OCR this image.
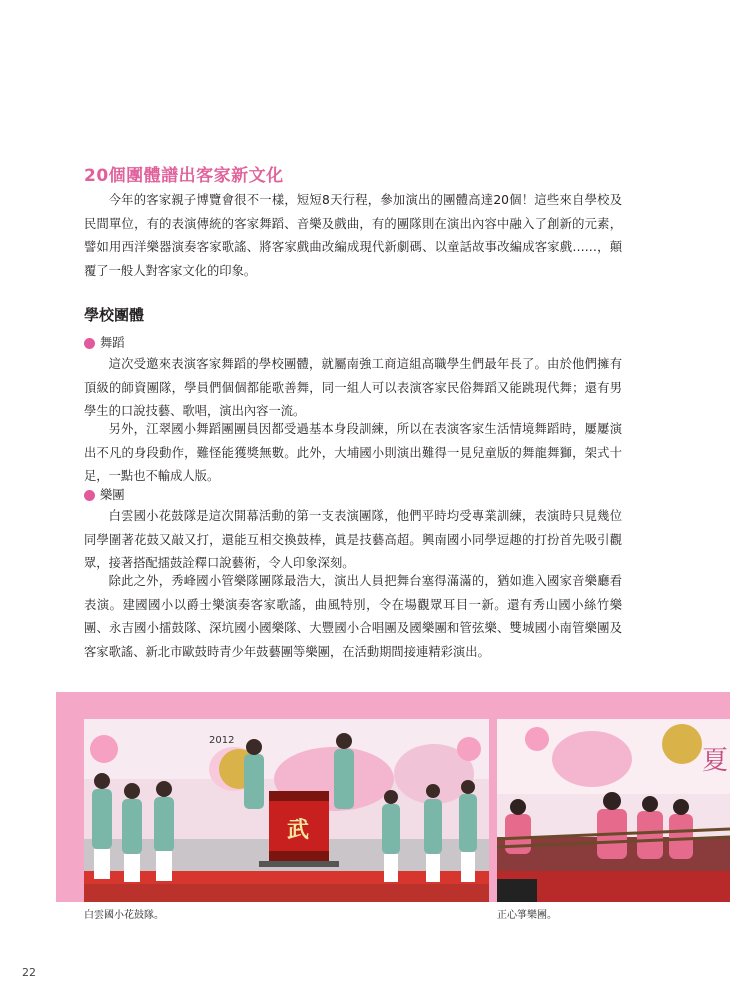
20個團體譜出客家新文化

今年的客家親子博覽會很不一樣，短短8天行程，參加演出的團體高達20個！這些來自學校及民間單位，有的表演傳統的客家舞蹈、音樂及戲曲，有的團隊則在演出內容中融入了創新的元素，譬如用西洋樂器演奏客家歌謠、將客家戲曲改編成現代新劇碼、以童話故事改編成客家戲……，顛覆了一般人對客家文化的印象。

學校團體
舞蹈

這次受邀來表演客家舞蹈的學校團體，就屬南強工商這組高職學生們最年長了。由於他們擁有頂級的師資團隊，學員們個個都能歌善舞，同一組人可以表演客家民俗舞蹈又能跳現代舞；還有男學生的口說技藝、歌唱，演出內容一流。

另外，江翠國小舞蹈團團員因都受過基本身段訓練，所以在表演客家生活情境舞蹈時，屢屢演出不凡的身段動作，難怪能獲獎無數。此外，大埔國小則演出難得一見兒童版的舞龍舞獅，架式十足，一點也不輸成人版。

樂團

白雲國小花鼓隊是這次開幕活動的第一支表演團隊，他們平時均受專業訓練，表演時只見幾位同學圍著花鼓又敲又打，還能互相交換鼓棒，眞是技藝高超。興南國小同學逗趣的打扮首先吸引觀眾，接著搭配擂鼓詮釋口說藝術，令人印象深刻。

除此之外，秀峰國小管樂隊團隊最浩大，演出人員把舞台塞得滿滿的，猶如進入國家音樂廳看表演。建國國小以爵士樂演奏客家歌謠，曲風特別，令在場觀眾耳目一新。還有秀山國小絲竹樂團、永吉國小擂鼓隊、深坑國小國樂隊、大豐國小合唱團及國樂團和管弦樂、雙城國小南管樂團及客家歌謠、新北市歐鼓時青少年鼓藝團等樂團，在活動期間接連精彩演出。

2012
武
夏
白雲國小花鼓隊。	正心箏樂團。
22
